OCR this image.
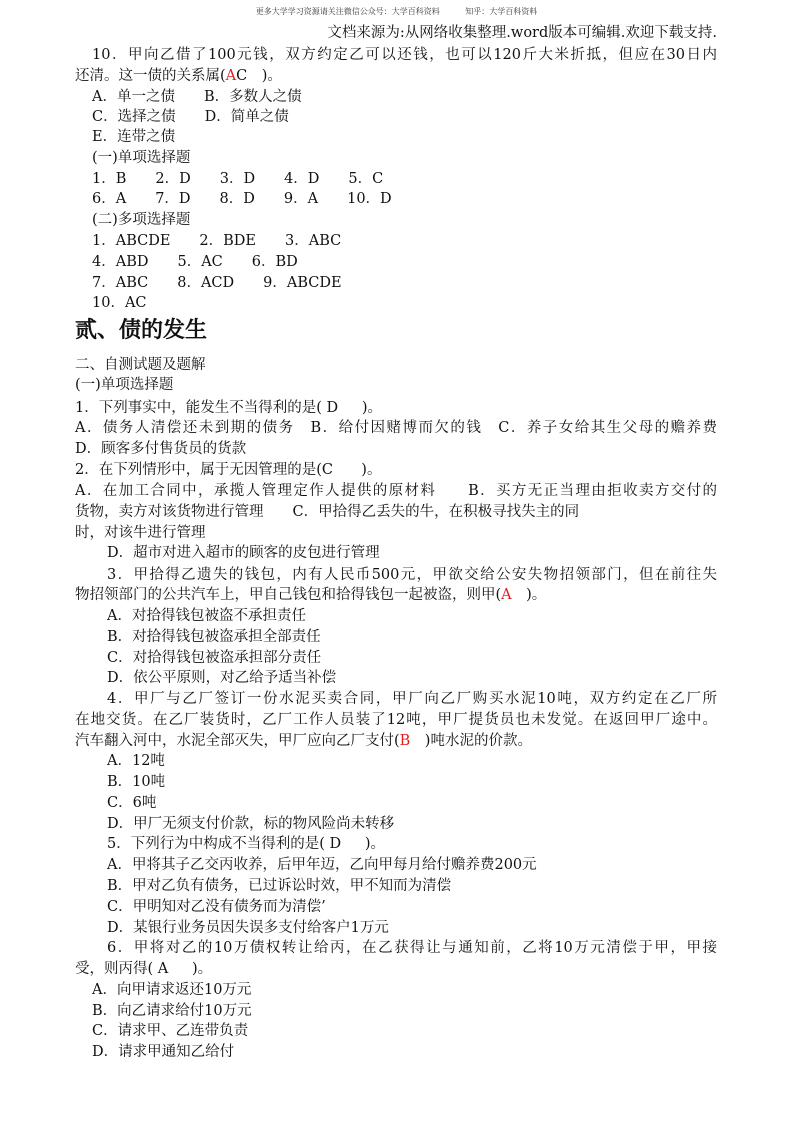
更多大学学习资源请关注微信公众号：大学百科资料	知乎：大学百科资料
文档来源为:从网络收集整理.word版本可编辑.欢迎下载支持.
10．甲向乙借了100元钱，双方约定乙可以还钱，也可以120斤大米折抵，但应在30日内
还清。这一债的关系属(AC　)。
A．单一之债　　B．多数人之债
C．选择之债　　D．简单之债
E．连带之债
(一)单项选择题
1．B　　2．D　　3．D　　4．D　　5．C
6．A　　7．D　　8．D　　9．A　　10．D
(二)多项选择题
1．ABCDE　　2．BDE　　3．ABC
4．ABD　　5．AC　　6．BD
7．ABC　　8．ACD　　9．ABCDE
10．AC
贰、债的发生
二、自测试题及题解
(一)单项选择题
1．下列事实中，能发生不当得利的是( D　  )。
A．债务人清偿还未到期的债务　B．给付因赌博而欠的钱　C．养子女给其生父母的赡养费
D．顾客多付售货员的货款
2．在下列情形中，属于无因管理的是(C　   )。
A．在加工合同中，承揽人管理定作人提供的原材料　　B．买方无正当理由拒收卖方交付的
货物，卖方对该货物进行管理　　C．甲拾得乙丢失的牛，在积极寻找失主的同
时，对该牛进行管理
D．超市对进入超市的顾客的皮包进行管理
3．甲拾得乙遗失的钱包，内有人民币500元，甲欲交给公安失物招领部门，但在前往失
物招领部门的公共汽车上，甲自己钱包和拾得钱包一起被盗，则甲(A　)。
A．对拾得钱包被盗不承担责任
B．对拾得钱包被盗承担全部责任
C．对拾得钱包被盗承担部分责任
D．依公平原则，对乙给予适当补偿
4．甲厂与乙厂签订一份水泥买卖合同，甲厂向乙厂购买水泥10吨，双方约定在乙厂所
在地交货。在乙厂装货时，乙厂工作人员装了12吨，甲厂提货员也未发觉。在返回甲厂途中。
汽车翻入河中，水泥全部灭失，甲厂应向乙厂支付(B　)吨水泥的价款。
A．12吨
B．10吨
C．6吨
D．甲厂无须支付价款，标的物风险尚未转移
5．下列行为中构成不当得利的是( D　  )。
A．甲将其子乙交丙收养，后甲年迈，乙向甲每月给付赡养费200元
B．甲对乙负有债务，已过诉讼时效，甲不知而为清偿
C．甲明知对乙没有债务而为清偿’
D．某银行业务员因失误多支付给客户1万元
6．甲将对乙的10万债权转让给丙，在乙获得让与通知前，乙将10万元清偿于甲，甲接
受，则丙得( A　  )。
A．向甲请求返还10万元
B．向乙请求给付10万元
C．请求甲、乙连带负责
D．请求甲通知乙给付
